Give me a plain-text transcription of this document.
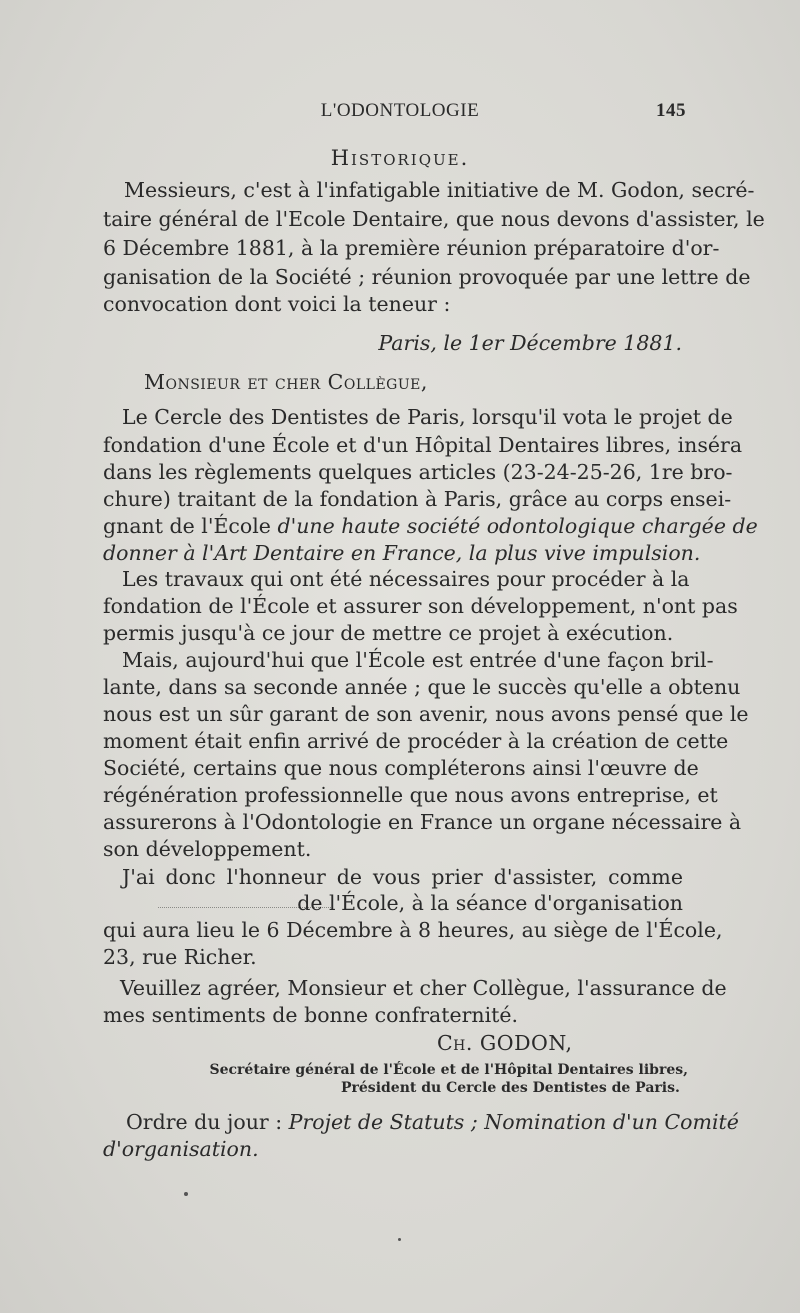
L'ODONTOLOGIE	145
Historique.
Messieurs, c'est à l'infatigable initiative de M. Godon, secré-
taire général de l'Ecole Dentaire, que nous devons d'assister, le
6 Décembre 1881, à la première réunion préparatoire d'or-
ganisation de la Société ; réunion provoquée par une lettre de
convocation dont voici la teneur :
Paris, le 1er Décembre 1881.
Monsieur et cher Collègue,
Le Cercle des Dentistes de Paris, lorsqu'il vota le projet de
fondation d'une École et d'un Hôpital Dentaires libres, inséra
dans les règlements quelques articles (23-24-25-26, 1re bro-
chure) traitant de la fondation à Paris, grâce au corps ensei-
gnant de l'École d'une haute société odontologique chargée de
donner à l'Art Dentaire en France, la plus vive impulsion.
Les travaux qui ont été nécessaires pour procéder à la
fondation de l'École et assurer son développement, n'ont pas
permis jusqu'à ce jour de mettre ce projet à exécution.
Mais, aujourd'hui que l'École est entrée d'une façon bril-
lante, dans sa seconde année ; que le succès qu'elle a obtenu
nous est un sûr garant de son avenir, nous avons pensé que le
moment était enfin arrivé de procéder à la création de cette
Société, certains que nous compléterons ainsi l'œuvre de
régénération professionnelle que nous avons entreprise, et
assurerons à l'Odontologie en France un organe nécessaire à
son développement.
J'ai donc l'honneur de vous prier d'assister, comme
de l'École, à la séance d'organisation
qui aura lieu le 6 Décembre à 8 heures, au siège de l'École,
23, rue Richer.
Veuillez agréer, Monsieur et cher Collègue, l'assurance de
mes sentiments de bonne confraternité.
Ch. GODON,
Secrétaire général de l'École et de l'Hôpital Dentaires libres,
Président du Cercle des Dentistes de Paris.
Ordre du jour : Projet de Statuts ; Nomination d'un Comité
d'organisation.
